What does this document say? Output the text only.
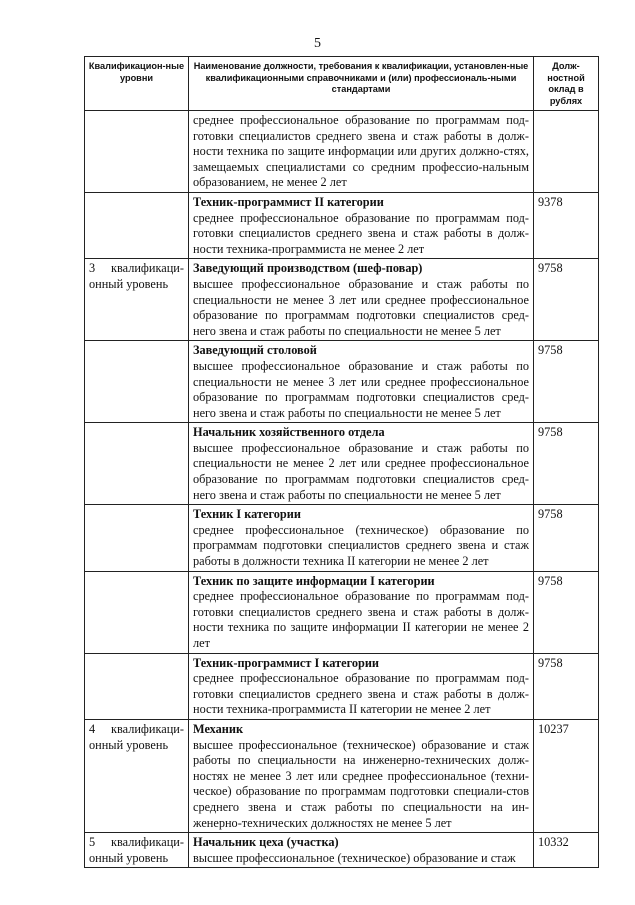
5
Квалификацион-ные уровни	Наименование должности, требования к квалификации, установлен-ные квалификационными справочниками и (или) профессиональ-ными стандартами	Долж-ностной оклад в рублях

	среднее профессиональное образование по программам под-готовки специалистов среднего звена и стаж работы в долж-ности техника по защите информации или других должно-стях, замещаемых специалистами со средним профессио-нальным образованием, не менее 2 лет	

	Техник-программист II категории
среднее профессиональное образование по программам под-готовки специалистов среднего звена и стаж работы в долж-ности техника-программиста не менее 2 лет	9378
3 квалификаци-онный уровень	Заведующий производством (шеф-повар)
высшее профессиональное образование и стаж работы по специальности не менее 3 лет или среднее профессиональное образование по программам подготовки специалистов сред-него звена и стаж работы по специальности не менее 5 лет	9758

	Заведующий столовой
высшее профессиональное образование и стаж работы по специальности не менее 3 лет или среднее профессиональное образование по программам подготовки специалистов сред-него звена и стаж работы по специальности не менее 5 лет	9758

	Начальник хозяйственного отдела
высшее профессиональное образование и стаж работы по специальности не менее 2 лет или среднее профессиональное образование по программам подготовки специалистов сред-него звена и стаж работы по специальности не менее 5 лет	9758

	Техник I категории
среднее профессиональное (техническое) образование по программам подготовки специалистов среднего звена и стаж работы в должности техника II категории не менее 2 лет	9758

	Техник по защите информации I категории
среднее профессиональное образование по программам под-готовки специалистов среднего звена и стаж работы в долж-ности техника по защите информации II категории не менее 2 лет	9758

	Техник-программист I категории
среднее профессиональное образование по программам под-готовки специалистов среднего звена и стаж работы в долж-ности техника-программиста II категории не менее 2 лет	9758
4 квалификаци-онный уровень	Механик
высшее профессиональное (техническое) образование и стаж работы по специальности на инженерно-технических долж-ностях не менее 3 лет или среднее профессиональное (техни-ческое) образование по программам подготовки специали-стов среднего звена и стаж работы по специальности на ин-женерно-технических должностях не менее 5 лет	10237
5 квалификаци-онный уровень	Начальник цеха (участка)
высшее профессиональное (техническое) образование и стаж	10332
